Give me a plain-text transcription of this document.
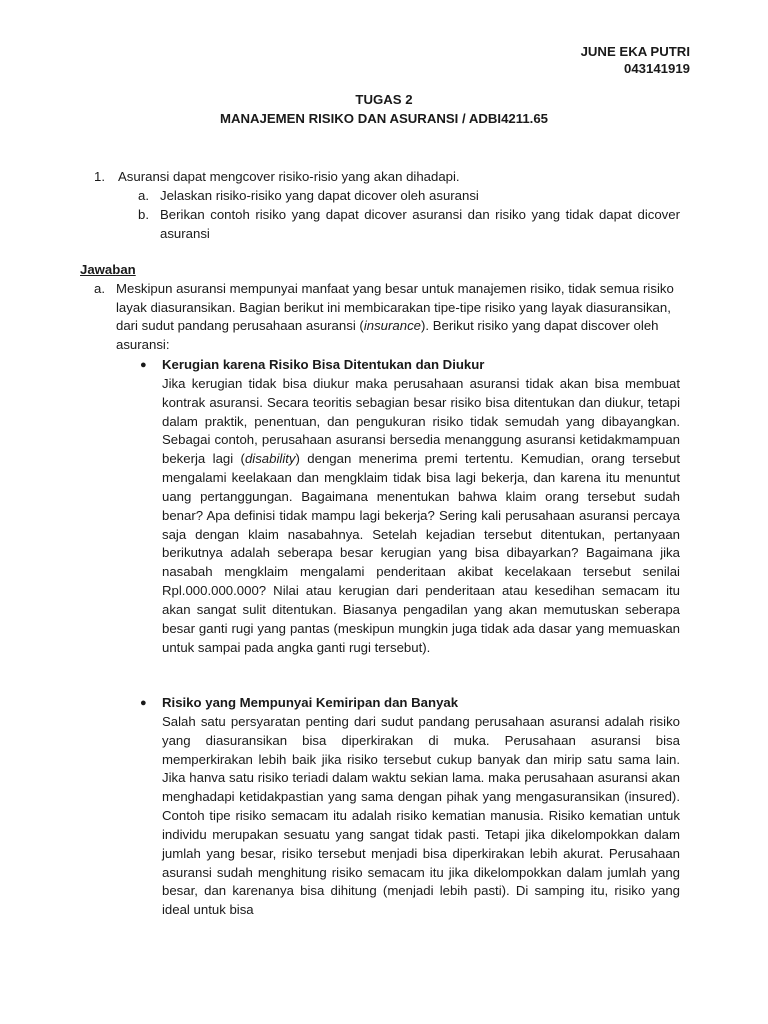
JUNE EKA PUTRI
043141919
TUGAS 2
MANAJEMEN RISIKO DAN ASURANSI / ADBI4211.65
1. Asuransi dapat mengcover risiko-risio yang akan dihadapi.
a. Jelaskan risiko-risiko yang dapat dicover oleh asuransi
b. Berikan contoh risiko yang dapat dicover asuransi dan risiko yang tidak dapat dicover asuransi
Jawaban
a. Meskipun asuransi mempunyai manfaat yang besar untuk manajemen risiko, tidak semua risiko layak diasuransikan. Bagian berikut ini membicarakan tipe-tipe risiko yang layak diasuransikan, dari sudut pandang perusahaan asuransi (insurance). Berikut risiko yang dapat discover oleh asuransi:
● Kerugian karena Risiko Bisa Ditentukan dan Diukur
Jika kerugian tidak bisa diukur maka perusahaan asuransi tidak akan bisa membuat kontrak asuransi. Secara teoritis sebagian besar risiko bisa ditentukan dan diukur, tetapi dalam praktik, penentuan, dan pengukuran risiko tidak semudah yang dibayangkan. Sebagai contoh, perusahaan asuransi bersedia menanggung asuransi ketidakmampuan bekerja lagi (disability) dengan menerima premi tertentu. Kemudian, orang tersebut mengalami keelakaan dan mengklaim tidak bisa lagi bekerja, dan karena itu menuntut uang pertanggungan. Bagaimana menentukan bahwa klaim orang tersebut sudah benar? Apa definisi tidak mampu lagi bekerja? Sering kali perusahaan asuransi percaya saja dengan klaim nasabahnya. Setelah kejadian tersebut ditentukan, pertanyaan berikutnya adalah seberapa besar kerugian yang bisa dibayarkan? Bagaimana jika nasabah mengklaim mengalami penderitaan akibat kecelakaan tersebut senilai Rpl.000.000.000? Nilai atau kerugian dari penderitaan atau kesedihan semacam itu akan sangat sulit ditentukan. Biasanya pengadilan yang akan memutuskan seberapa besar ganti rugi yang pantas (meskipun mungkin juga tidak ada dasar yang memuaskan untuk sampai pada angka ganti rugi tersebut).
● Risiko yang Mempunyai Kemiripan dan Banyak
Salah satu persyaratan penting dari sudut pandang perusahaan asuransi adalah risiko yang diasuransikan bisa diperkirakan di muka. Perusahaan asuransi bisa memperkirakan lebih baik jika risiko tersebut cukup banyak dan mirip satu sama lain. Jika hanva satu risiko teriadi dalam waktu sekian lama. maka perusahaan asuransi akan menghadapi ketidakpastian yang sama dengan pihak yang mengasuransikan (insured). Contoh tipe risiko semacam itu adalah risiko kematian manusia. Risiko kematian untuk individu merupakan sesuatu yang sangat tidak pasti. Tetapi jika dikelompokkan dalam jumlah yang besar, risiko tersebut menjadi bisa diperkirakan lebih akurat. Perusahaan asuransi sudah menghitung risiko semacam itu jika dikelompokkan dalam jumlah yang besar, dan karenanya bisa dihitung (menjadi lebih pasti). Di samping itu, risiko yang ideal untuk bisa
